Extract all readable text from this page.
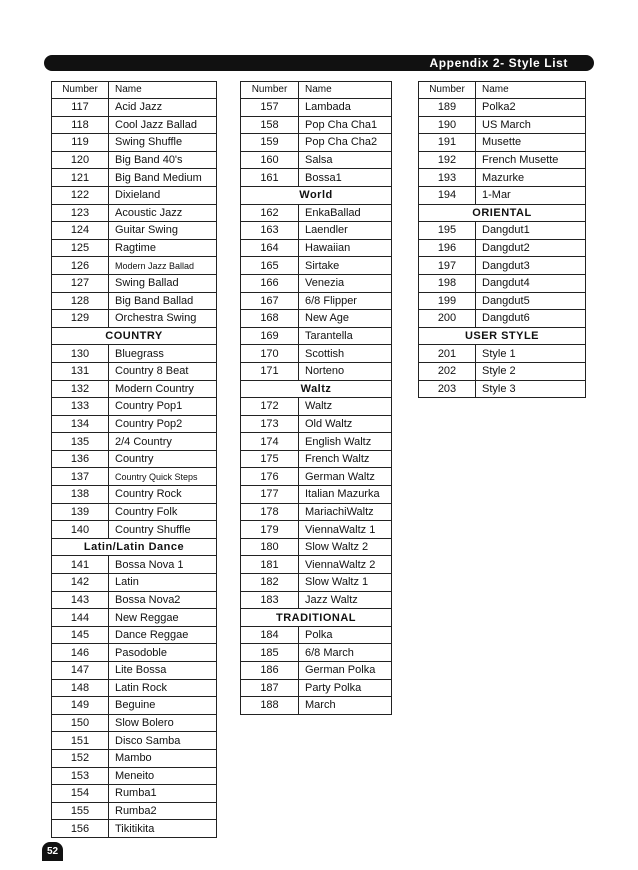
Appendix 2- Style List
Number	Name
117	Acid Jazz
118	Cool Jazz Ballad
119	Swing Shuffle
120	Big Band 40's
121	Big Band Medium
122	Dixieland
123	Acoustic Jazz
124	Guitar Swing
125	Ragtime
126	Modern Jazz Ballad
127	Swing Ballad
128	Big Band Ballad
129	Orchestra Swing
COUNTRY	
130	Bluegrass
131	Country 8 Beat
132	Modern Country
133	Country Pop1
134	Country Pop2
135	2/4 Country
136	Country
137	Country Quick Steps
138	Country Rock
139	Country Folk
140	Country Shuffle
Latin/Latin Dance	
141	Bossa Nova 1
142	Latin
143	Bossa Nova2
144	New Reggae
145	Dance Reggae
146	Pasodoble
147	Lite Bossa
148	Latin Rock
149	Beguine
150	Slow Bolero
151	Disco Samba
152	Mambo
153	Meneito
154	Rumba1
155	Rumba2
156	Tikitikita
Number	Name
157	Lambada
158	Pop Cha Cha1
159	Pop Cha Cha2
160	Salsa
161	Bossa1
World	
162	EnkaBallad
163	Laendler
164	Hawaiian
165	Sirtake
166	Venezia
167	6/8 Flipper
168	New Age
169	Tarantella
170	Scottish
171	Norteno
Waltz	
172	Waltz
173	Old Waltz
174	English Waltz
175	French Waltz
176	German Waltz
177	Italian Mazurka
178	MariachiWaltz
179	ViennaWaltz 1
180	Slow Waltz 2
181	ViennaWaltz 2
182	Slow Waltz 1
183	Jazz Waltz
TRADITIONAL	
184	Polka
185	6/8 March
186	German Polka
187	Party Polka
188	March
Number	Name
189	Polka2
190	US March
191	Musette
192	French Musette
193	Mazurke
194	1-Mar
ORIENTAL	
195	Dangdut1
196	Dangdut2
197	Dangdut3
198	Dangdut4
199	Dangdut5
200	Dangdut6
USER STYLE	
201	Style 1
202	Style 2
203	Style 3
52
